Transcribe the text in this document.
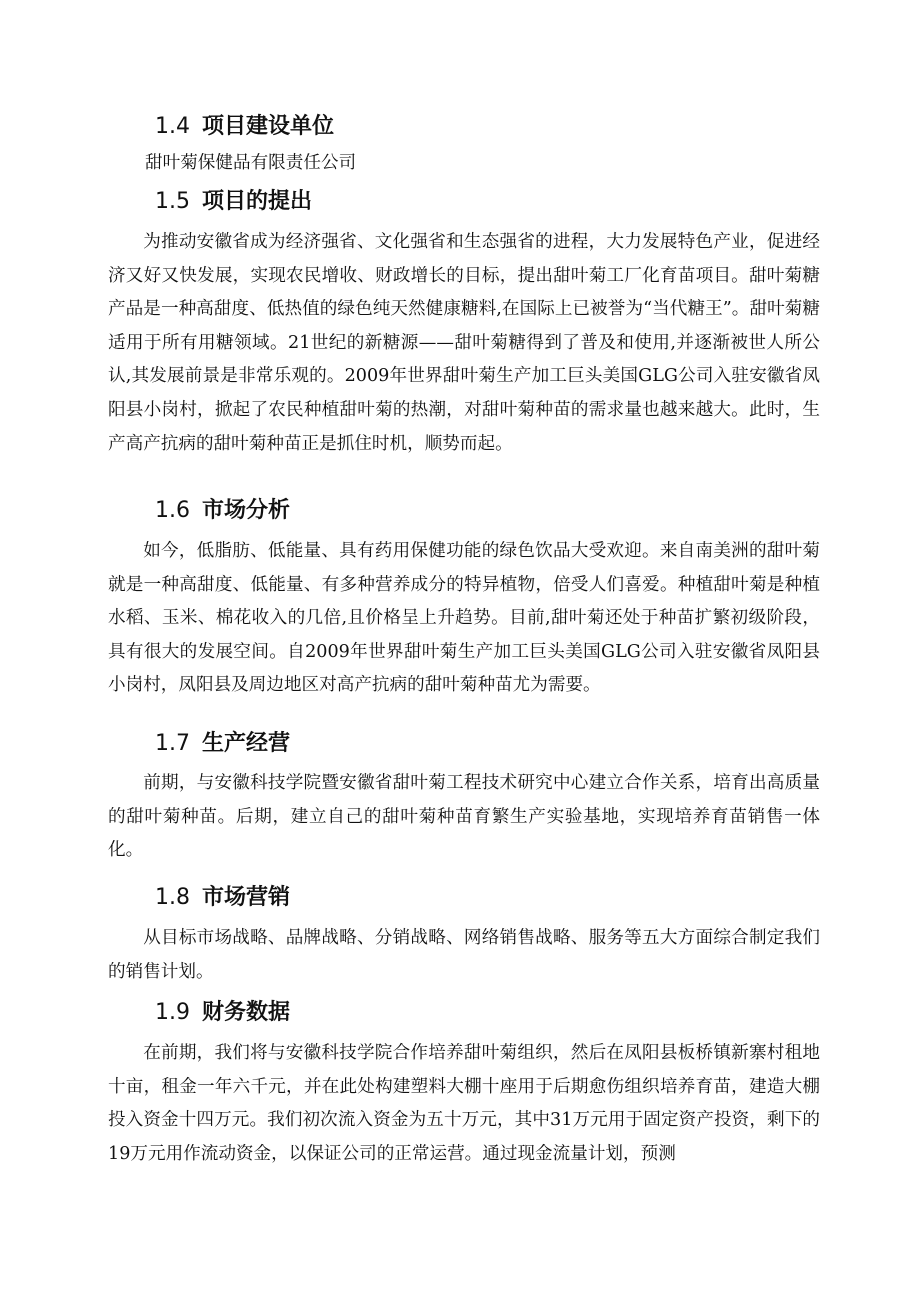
1.4 项目建设单位

甜叶菊保健品有限责任公司

1.5 项目的提出

为推动安徽省成为经济强省、文化强省和生态强省的进程，大力发展特色产业，促进经济又好又快发展，实现农民增收、财政增长的目标，提出甜叶菊工厂化育苗项目。甜叶菊糖产品是一种高甜度、低热值的绿色纯天然健康糖料,在国际上已被誉为“当代糖王”。甜叶菊糖适用于所有用糖领域。21世纪的新糖源——甜叶菊糖得到了普及和使用,并逐渐被世人所公认,其发展前景是非常乐观的。2009年世界甜叶菊生产加工巨头美国GLG公司入驻安徽省凤阳县小岗村，掀起了农民种植甜叶菊的热潮，对甜叶菊种苗的需求量也越来越大。此时，生产高产抗病的甜叶菊种苗正是抓住时机，顺势而起。

1.6 市场分析

如今，低脂肪、低能量、具有药用保健功能的绿色饮品大受欢迎。来自南美洲的甜叶菊就是一种高甜度、低能量、有多种营养成分的特异植物，倍受人们喜爱。种植甜叶菊是种植水稻、玉米、棉花收入的几倍,且价格呈上升趋势。目前,甜叶菊还处于种苗扩繁初级阶段，具有很大的发展空间。自2009年世界甜叶菊生产加工巨头美国GLG公司入驻安徽省凤阳县小岗村，凤阳县及周边地区对高产抗病的甜叶菊种苗尤为需要。

1.7 生产经营

前期，与安徽科技学院暨安徽省甜叶菊工程技术研究中心建立合作关系，培育出高质量的甜叶菊种苗。后期，建立自己的甜叶菊种苗育繁生产实验基地，实现培养育苗销售一体化。

1.8 市场营销

从目标市场战略、品牌战略、分销战略、网络销售战略、服务等五大方面综合制定我们的销售计划。

1.9 财务数据

在前期，我们将与安徽科技学院合作培养甜叶菊组织，然后在凤阳县板桥镇新寨村租地十亩，租金一年六千元，并在此处构建塑料大棚十座用于后期愈伤组织培养育苗，建造大棚投入资金十四万元。我们初次流入资金为五十万元，其中31万元用于固定资产投资，剩下的19万元用作流动资金，以保证公司的正常运营。通过现金流量计划，预测
